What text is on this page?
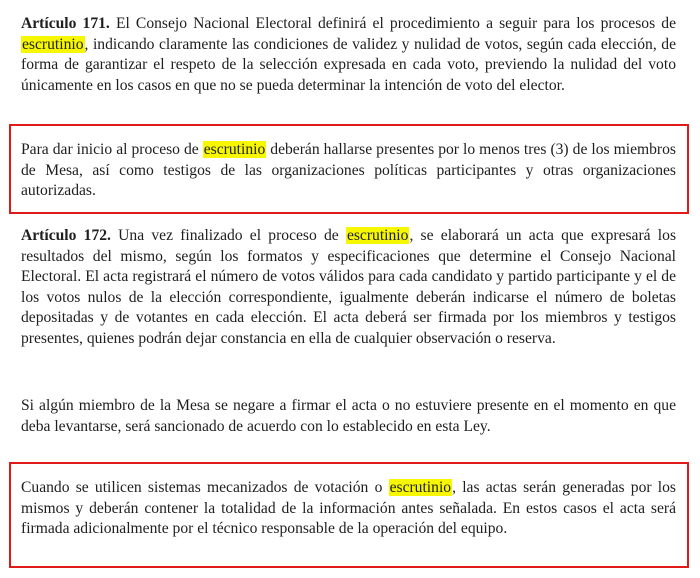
Artículo 171. El Consejo Nacional Electoral definirá el procedimiento a seguir para los procesos de escrutinio, indicando claramente las condiciones de validez y nulidad de votos, según cada elección, de forma de garantizar el respeto de la selección expresada en cada voto, previendo la nulidad del voto únicamente en los casos en que no se pueda determinar la intención de voto del elector.

Para dar inicio al proceso de escrutinio deberán hallarse presentes por lo menos tres (3) de los miembros de Mesa, así como testigos de las organizaciones políticas participantes y otras organizaciones autorizadas.

Artículo 172. Una vez finalizado el proceso de escrutinio, se elaborará un acta que expresará los resultados del mismo, según los formatos y especificaciones que determine el Consejo Nacional Electoral. El acta registrará el número de votos válidos para cada candidato y partido participante y el de los votos nulos de la elección correspondiente, igualmente deberán indicarse el número de boletas depositadas y de votantes en cada elección. El acta deberá ser firmada por los miembros y testigos presentes, quienes podrán dejar constancia en ella de cualquier observación o reserva.

Si algún miembro de la Mesa se negare a firmar el acta o no estuviere presente en el momento en que deba levantarse, será sancionado de acuerdo con lo establecido en esta Ley.

Cuando se utilicen sistemas mecanizados de votación o escrutinio, las actas serán generadas por los mismos y deberán contener la totalidad de la información antes señalada. En estos casos el acta será firmada adicionalmente por el técnico responsable de la operación del equipo.
